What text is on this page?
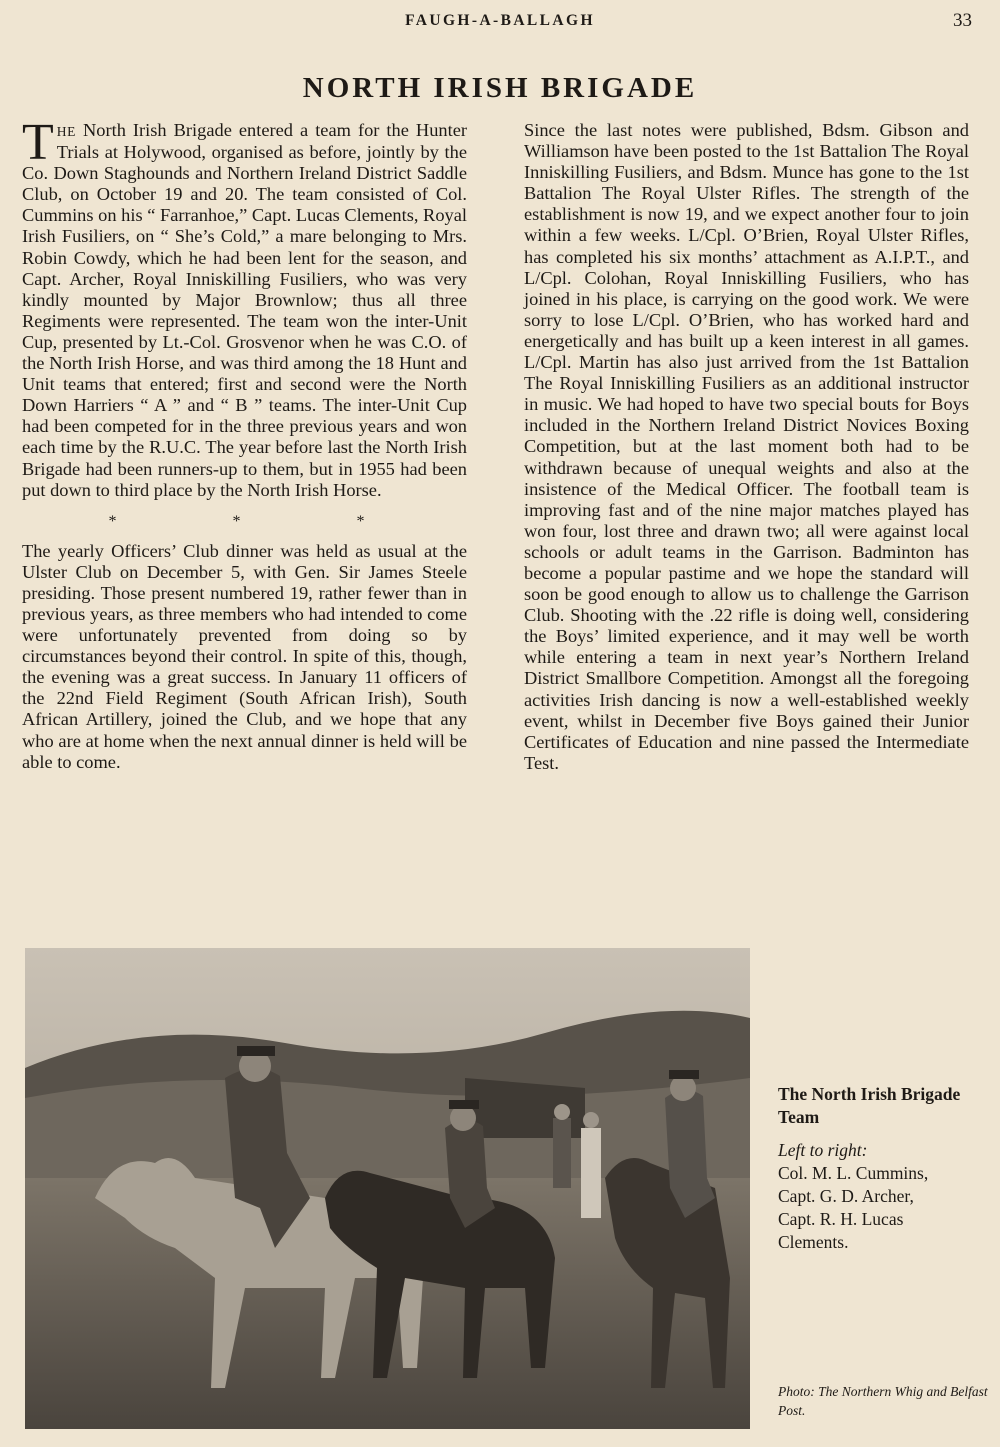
FAUGH-A-BALLAGH	33
NORTH IRISH BRIGADE

THE North Irish Brigade entered a team for the Hunter Trials at Holywood, organised as before, jointly by the Co. Down Staghounds and Northern Ireland District Saddle Club, on October 19 and 20. The team consisted of Col. Cummins on his “ Farranhoe,” Capt. Lucas Clements, Royal Irish Fusiliers, on “ She’s Cold,” a mare belonging to Mrs. Robin Cowdy, which he had been lent for the season, and Capt. Archer, Royal Inniskilling Fusiliers, who was very kindly mounted by Major Brownlow; thus all three Regiments were represented. The team won the inter-Unit Cup, presented by Lt.-Col. Grosvenor when he was C.O. of the North Irish Horse, and was third among the 18 Hunt and Unit teams that entered; first and second were the North Down Harriers “ A ” and “ B ” teams. The inter-Unit Cup had been competed for in the three previous years and won each time by the R.U.C. The year before last the North Irish Brigade had been runners-up to them, but in 1955 had been put down to third place by the North Irish Horse.

* * *

The yearly Officers’ Club dinner was held as usual at the Ulster Club on December 5, with Gen. Sir James Steele presiding. Those present numbered 19, rather fewer than in previous years, as three members who had intended to come were unfortunately prevented from doing so by circumstances beyond their control. In spite of this, though, the evening was a great success. In January 11 officers of the 22nd Field Regiment (South African Irish), South African Artillery, joined the Club, and we hope that any who are at home when the next annual dinner is held will be able to come.

Since the last notes were published, Bdsm. Gibson and Williamson have been posted to the 1st Battalion The Royal Inniskilling Fusiliers, and Bdsm. Munce has gone to the 1st Battalion The Royal Ulster Rifles. The strength of the establishment is now 19, and we expect another four to join within a few weeks. L/Cpl. O’Brien, Royal Ulster Rifles, has completed his six months’ attachment as A.I.P.T., and L/Cpl. Colohan, Royal Inniskilling Fusiliers, who has joined in his place, is carrying on the good work. We were sorry to lose L/Cpl. O’Brien, who has worked hard and energetically and has built up a keen interest in all games. L/Cpl. Martin has also just arrived from the 1st Battalion The Royal Inniskilling Fusiliers as an additional instructor in music. We had hoped to have two special bouts for Boys included in the Northern Ireland District Novices Boxing Competition, but at the last moment both had to be withdrawn because of unequal weights and also at the insistence of the Medical Officer. The football team is improving fast and of the nine major matches played has won four, lost three and drawn two; all were against local schools or adult teams in the Garrison. Badminton has become a popular pastime and we hope the standard will soon be good enough to allow us to challenge the Garrison Club. Shooting with the .22 rifle is doing well, considering the Boys’ limited experience, and it may well be worth while entering a team in next year’s Northern Ireland District Smallbore Competition. Amongst all the foregoing activities Irish dancing is now a well-established weekly event, whilst in December five Boys gained their Junior Certificates of Education and nine passed the Intermediate Test.

The North Irish Brigade Team

Left to right:

Col. M. L. Cummins,

Capt. G. D. Archer,

Capt. R. H. Lucas

Clements.

Photo: The Northern Whig and Belfast Post.
